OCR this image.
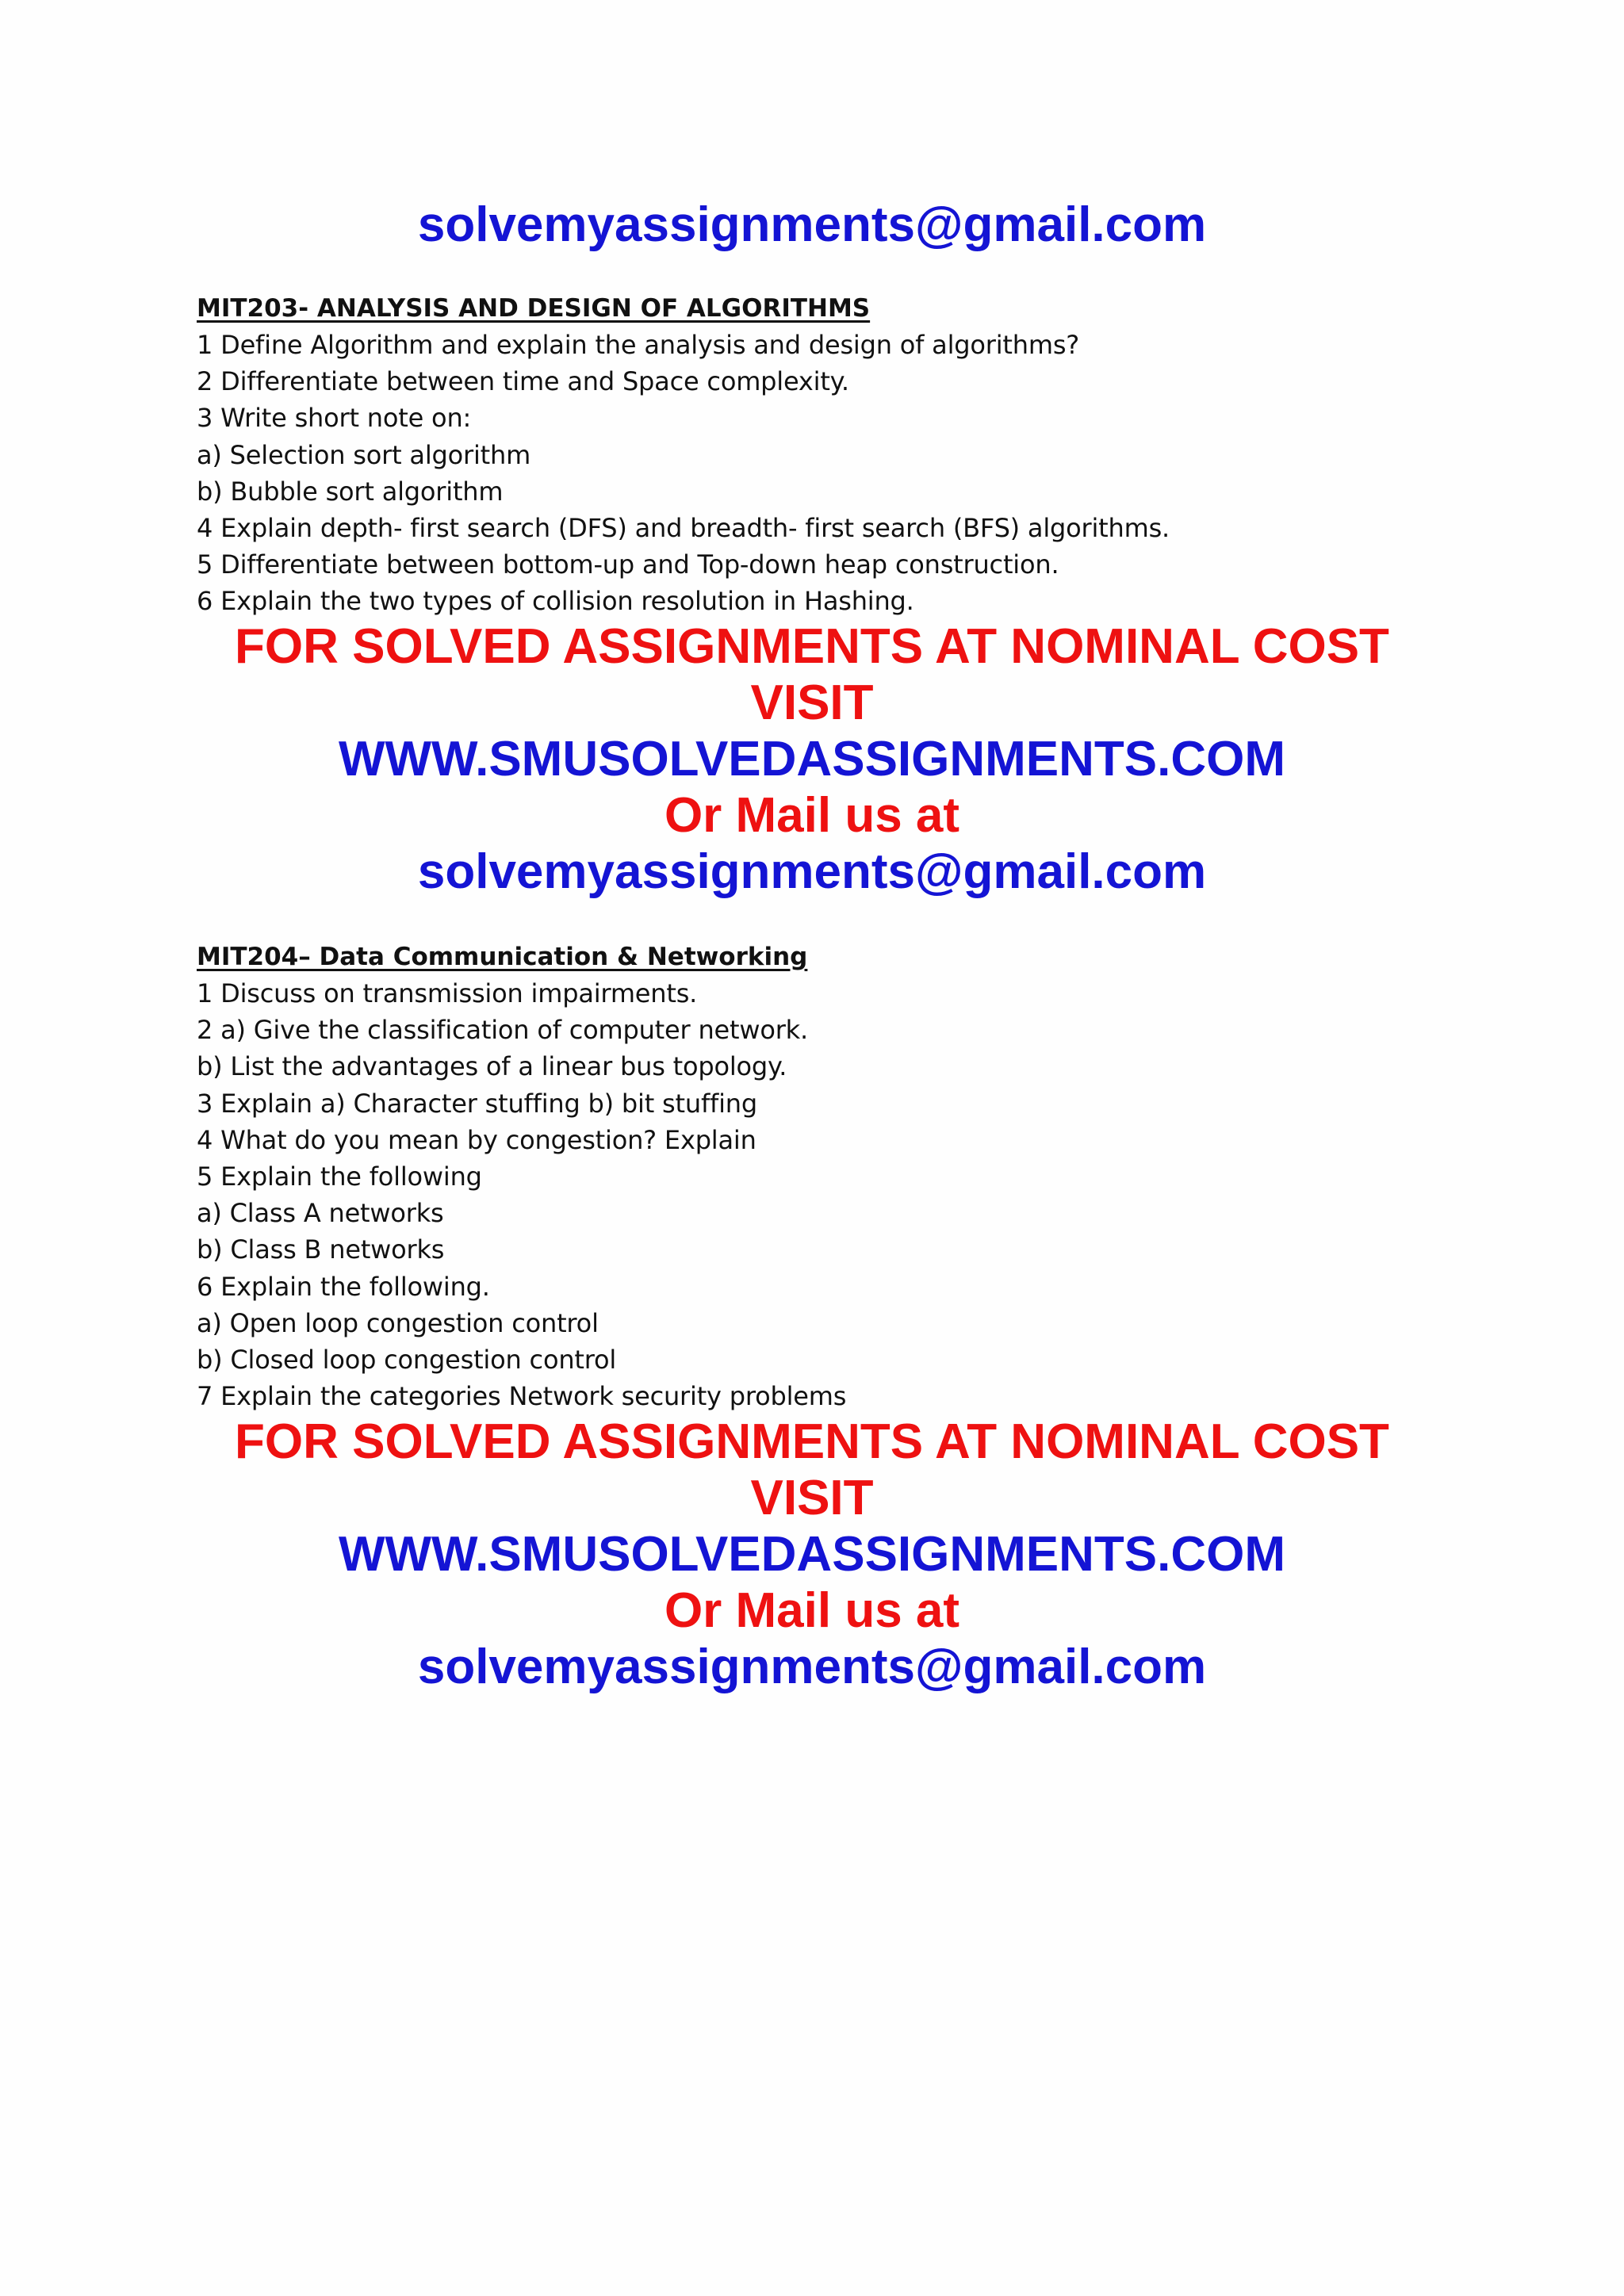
solvemyassignments@gmail.com
MIT203- ANALYSIS AND DESIGN OF ALGORITHMS
1 Define Algorithm and explain the analysis and design of algorithms?
2 Differentiate between time and Space complexity.
3 Write short note on:
a) Selection sort algorithm
b) Bubble sort algorithm
4 Explain depth- first search (DFS) and breadth- first search (BFS) algorithms.
5 Differentiate between bottom-up and Top-down heap construction.
6 Explain the two types of collision resolution in Hashing.
FOR SOLVED ASSIGNMENTS AT NOMINAL COST
VISIT
WWW.SMUSOLVEDASSIGNMENTS.COM
Or Mail us at
solvemyassignments@gmail.com
MIT204– Data Communication & Networking
1 Discuss on transmission impairments.
2 a) Give the classification of computer network.
b) List the advantages of a linear bus topology.
3 Explain a) Character stuffing b) bit stuffing
4 What do you mean by congestion? Explain
5 Explain the following
a) Class A networks
b) Class B networks
6 Explain the following.
a) Open loop congestion control
b) Closed loop congestion control
7 Explain the categories Network security problems
FOR SOLVED ASSIGNMENTS AT NOMINAL COST
VISIT
WWW.SMUSOLVEDASSIGNMENTS.COM
Or Mail us at
solvemyassignments@gmail.com
